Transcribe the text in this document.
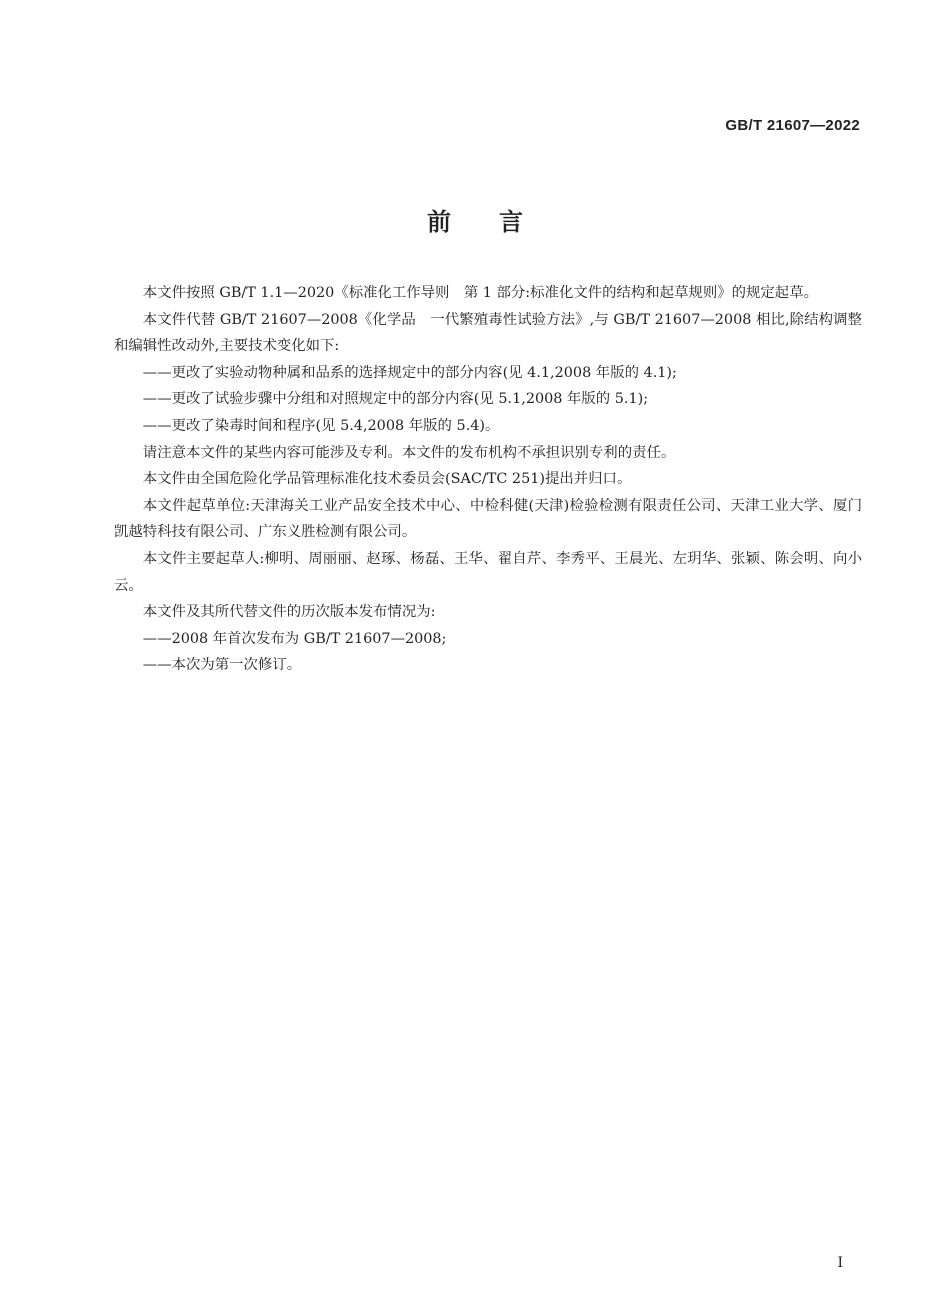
GB/T 21607—2022
前言

本文件按照 GB/T 1.1—2020《标准化工作导则　第 1 部分:标准化文件的结构和起草规则》的规定起草。

本文件代替 GB/T 21607—2008《化学品　一代繁殖毒性试验方法》,与 GB/T 21607—2008 相比,除结构调整和编辑性改动外,主要技术变化如下:

——更改了实验动物种属和品系的选择规定中的部分内容(见 4.1,2008 年版的 4.1);

——更改了试验步骤中分组和对照规定中的部分内容(见 5.1,2008 年版的 5.1);

——更改了染毒时间和程序(见 5.4,2008 年版的 5.4)。

请注意本文件的某些内容可能涉及专利。本文件的发布机构不承担识别专利的责任。

本文件由全国危险化学品管理标准化技术委员会(SAC/TC 251)提出并归口。

本文件起草单位:天津海关工业产品安全技术中心、中检科健(天津)检验检测有限责任公司、天津工业大学、厦门凯越特科技有限公司、广东义胜检测有限公司。

本文件主要起草人:柳明、周丽丽、赵琢、杨磊、王华、翟自芹、李秀平、王晨光、左玥华、张颖、陈会明、向小云。

本文件及其所代替文件的历次版本发布情况为:

——2008 年首次发布为 GB/T 21607—2008;

——本次为第一次修订。

I
